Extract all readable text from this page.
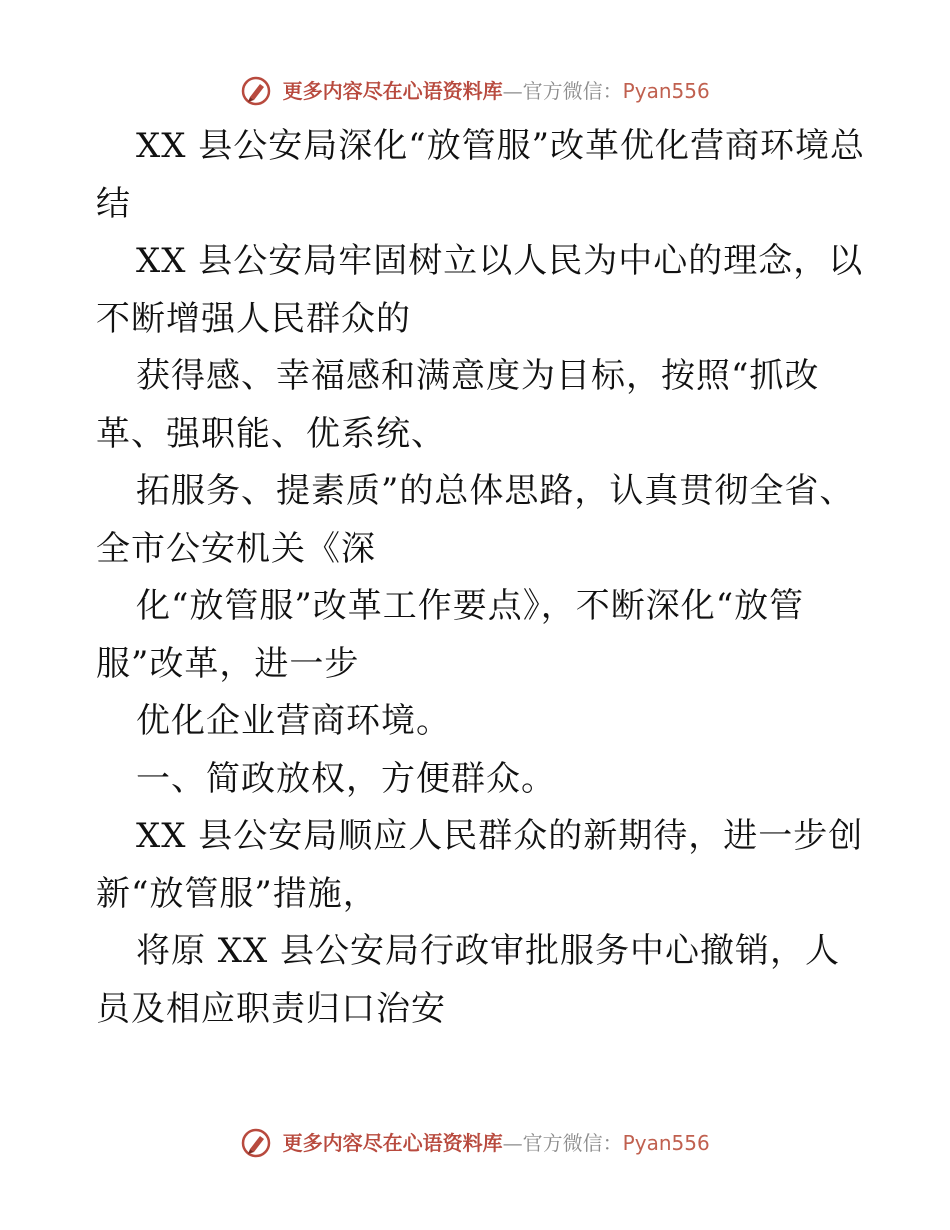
更多内容尽在心语资料库—官方微信：Pyan556

XX 县公安局深化“放管服”改革优化营商环境总结

XX 县公安局牢固树立以人民为中心的理念，以不断增强人民群众的

获得感、幸福感和满意度为目标，按照“抓改革、强职能、优系统、

拓服务、提素质”的总体思路，认真贯彻全省、全市公安机关《深

化“放管服”改革工作要点》，不断深化“放管服”改革，进一步

优化企业营商环境。

一、简政放权，方便群众。

XX 县公安局顺应人民群众的新期待，进一步创新“放管服”措施，

将原 XX 县公安局行政审批服务中心撤销，人员及相应职责归口治安

更多内容尽在心语资料库—官方微信：Pyan556
